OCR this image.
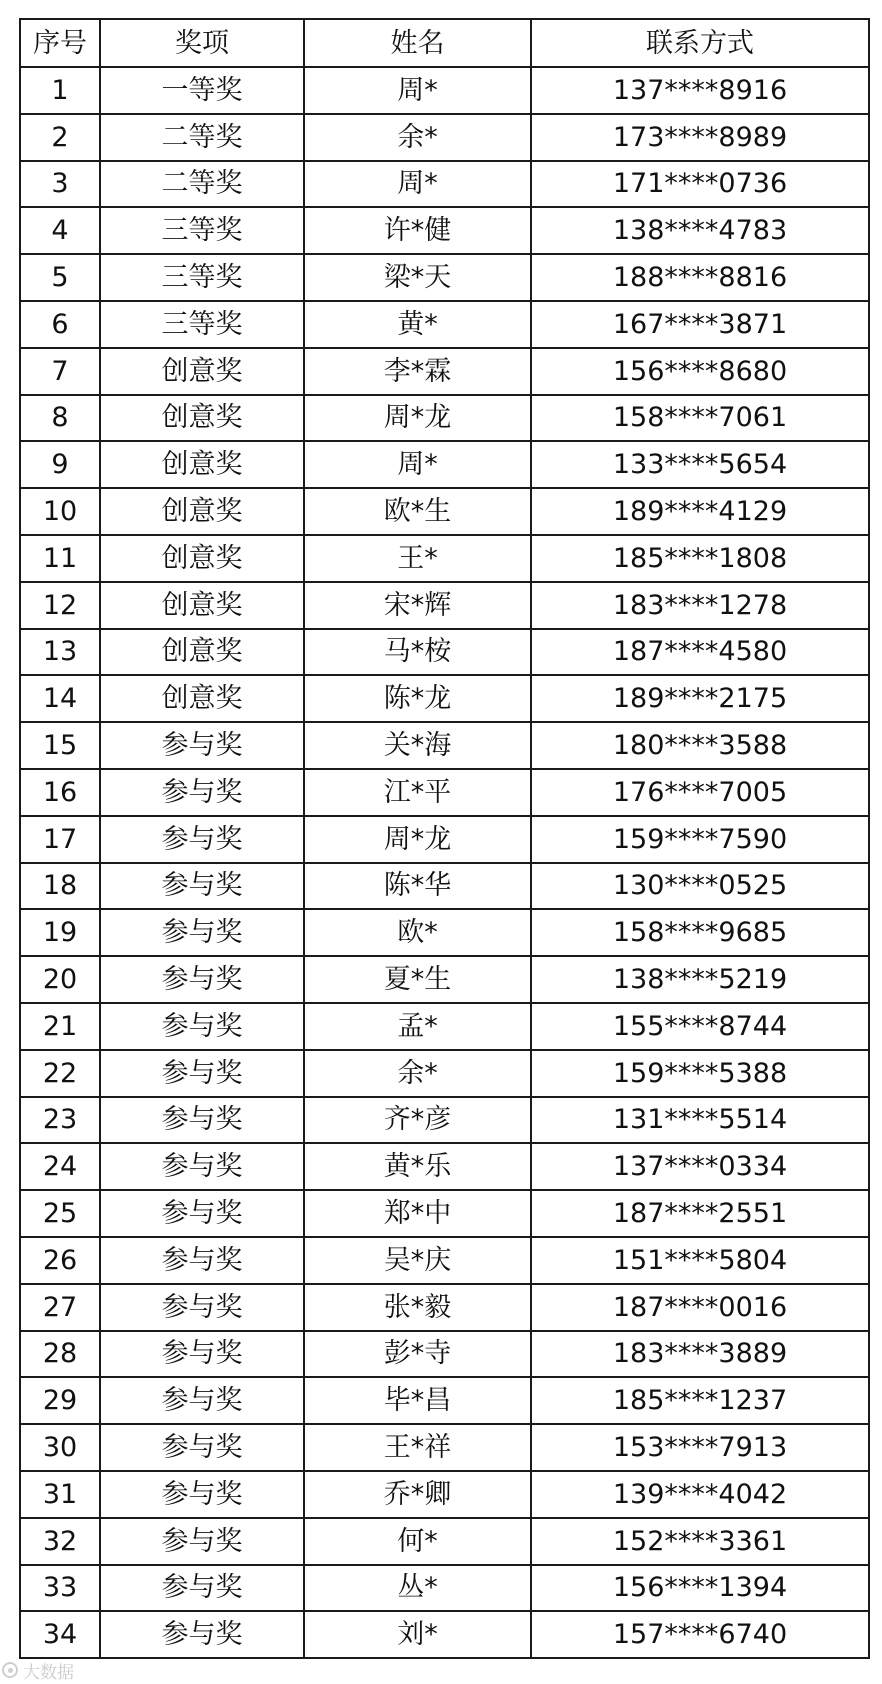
序号	奖项	姓名	联系方式
1	一等奖	周*	137****8916
2	二等奖	余*	173****8989
3	二等奖	周*	171****0736
4	三等奖	许*健	138****4783
5	三等奖	梁*天	188****8816
6	三等奖	黄*	167****3871
7	创意奖	李*霖	156****8680
8	创意奖	周*龙	158****7061
9	创意奖	周*	133****5654
10	创意奖	欧*生	189****4129
11	创意奖	王*	185****1808
12	创意奖	宋*辉	183****1278
13	创意奖	马*桉	187****4580
14	创意奖	陈*龙	189****2175
15	参与奖	关*海	180****3588
16	参与奖	江*平	176****7005
17	参与奖	周*龙	159****7590
18	参与奖	陈*华	130****0525
19	参与奖	欧*	158****9685
20	参与奖	夏*生	138****5219
21	参与奖	孟*	155****8744
22	参与奖	余*	159****5388
23	参与奖	齐*彦	131****5514
24	参与奖	黄*乐	137****0334
25	参与奖	郑*中	187****2551
26	参与奖	吴*庆	151****5804
27	参与奖	张*毅	187****0016
28	参与奖	彭*寺	183****3889
29	参与奖	毕*昌	185****1237
30	参与奖	王*祥	153****7913
31	参与奖	乔*卿	139****4042
32	参与奖	何*	152****3361
33	参与奖	丛*	156****1394
34	参与奖	刘*	157****6740
大数据
